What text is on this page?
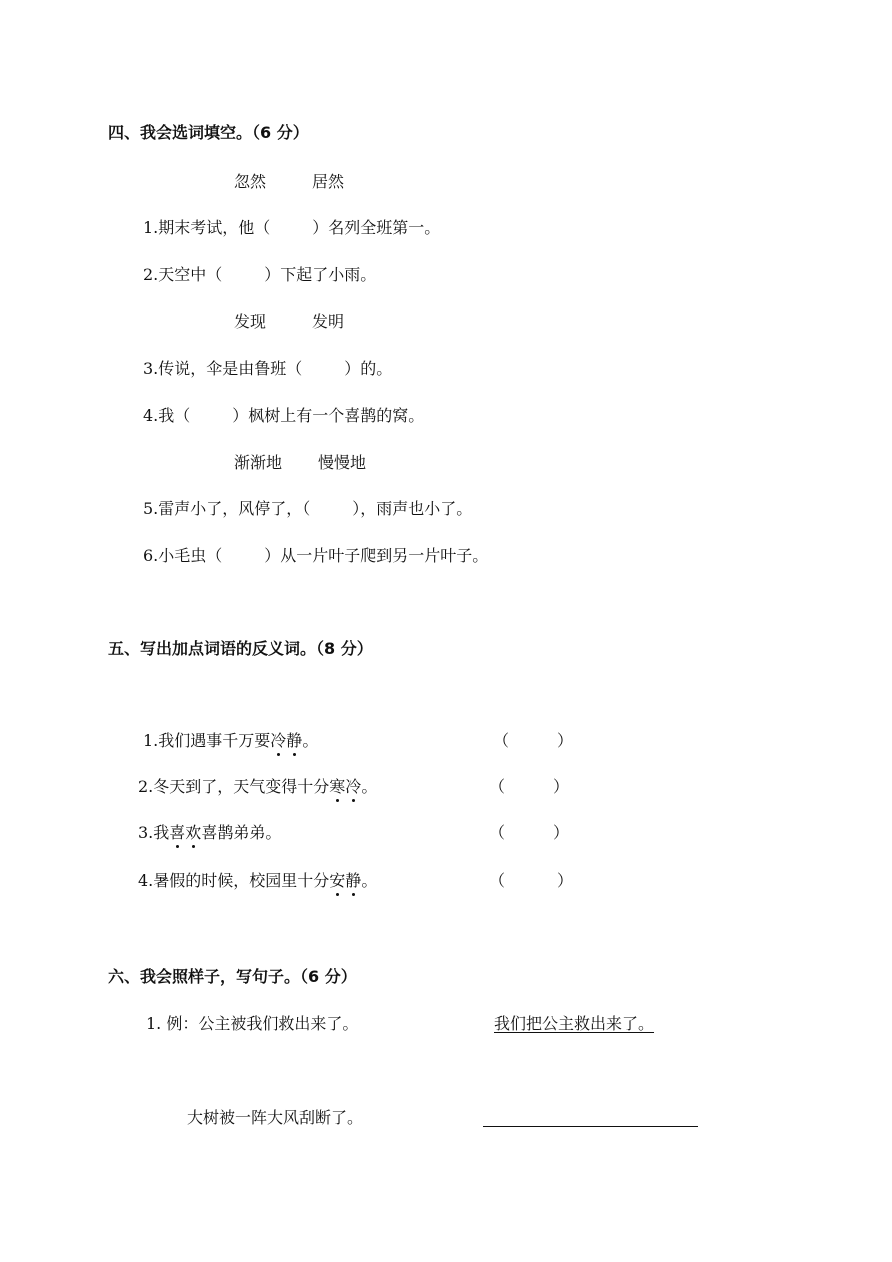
四、我会选词填空。（6 分）
忽然	居然
1.期末考试，他（	）名列全班第一。
2.天空中（	）下起了小雨。
发现	发明
3.传说，伞是由鲁班（	）的。
4.我（	）枫树上有一个喜鹊的窝。
渐渐地 慢慢地
5.雷声小了，风停了，（	），雨声也小了。
6.小毛虫（	）从一片叶子爬到另一片叶子。
五、写出加点词语的反义词。（8 分）
1.我们遇事千万要冷静。	（	）
2.冬天到了，天气变得十分寒冷。	（	）
3.我喜欢喜鹊弟弟。	（	）
4.暑假的时候，校园里十分安静。	（	）
六、我会照样子，写句子。（6 分）
1. 例：公主被我们救出来了。	我们把公主救出来了。
大树被一阵大风刮断了。
